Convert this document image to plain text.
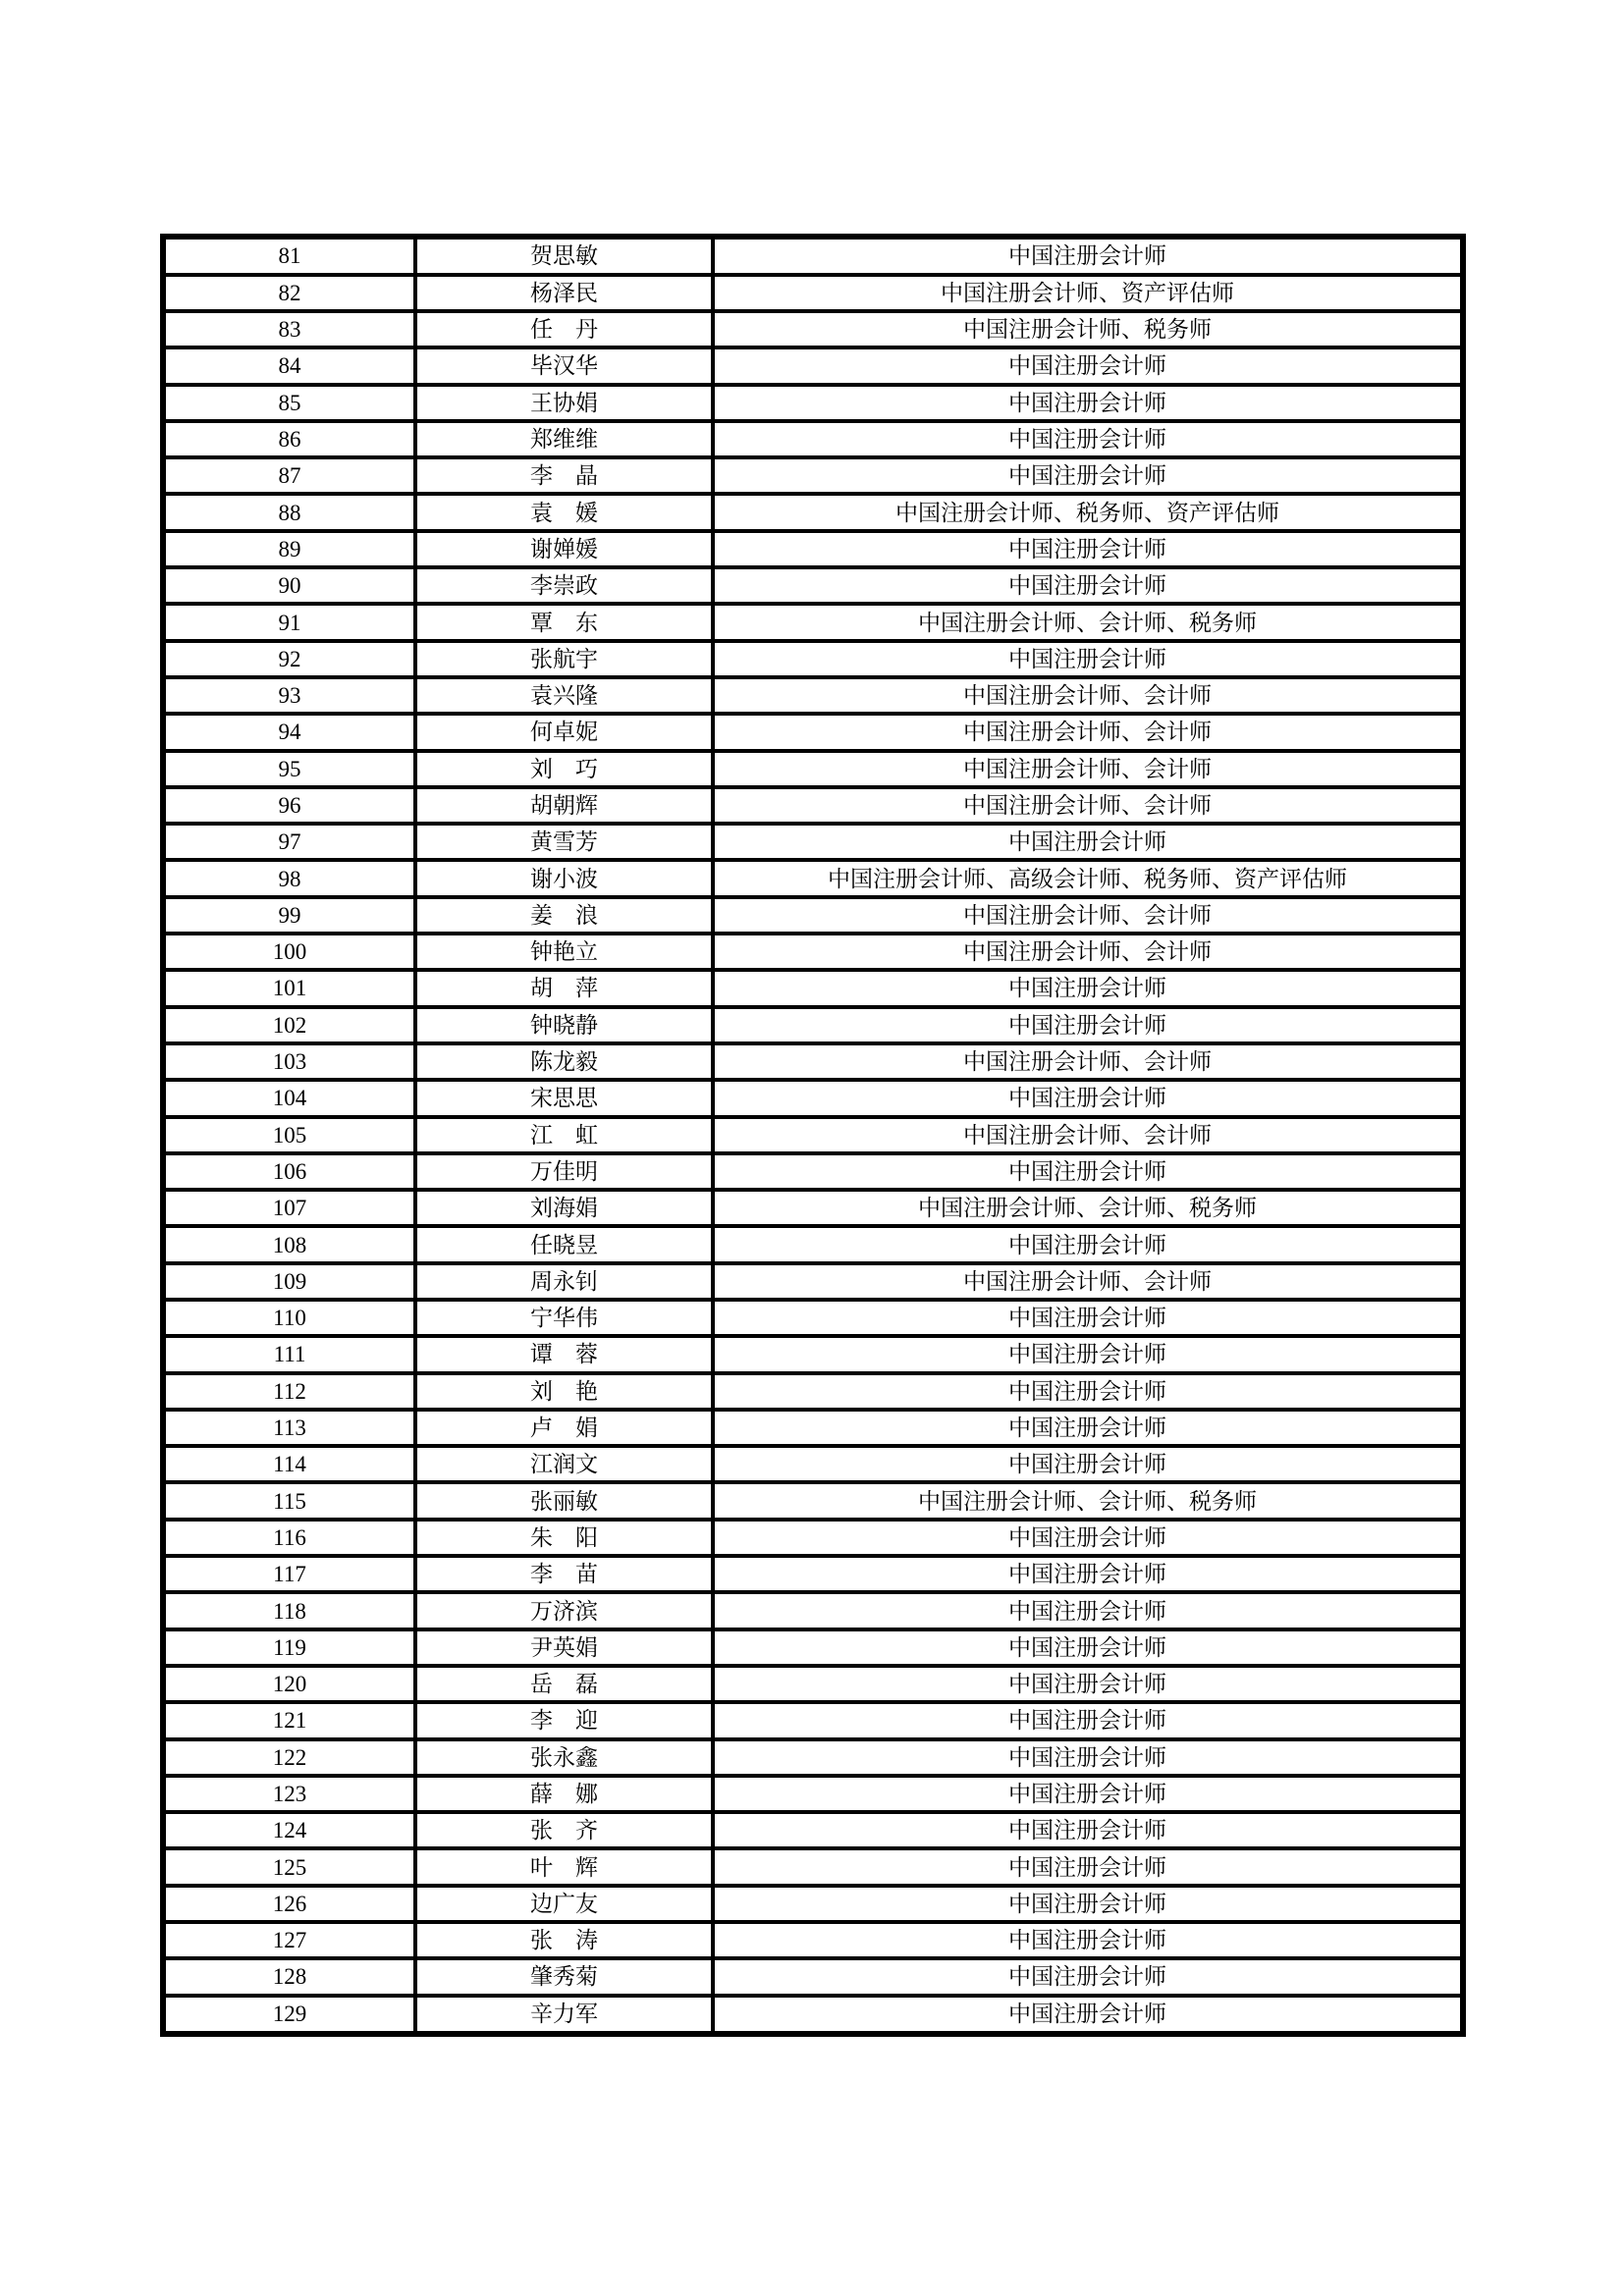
81	贺思敏	中国注册会计师
82	杨泽民	中国注册会计师、资产评估师
83	任　丹	中国注册会计师、税务师
84	毕汉华	中国注册会计师
85	王协娟	中国注册会计师
86	郑维维	中国注册会计师
87	李　晶	中国注册会计师
88	袁　媛	中国注册会计师、税务师、资产评估师
89	谢婵媛	中国注册会计师
90	李崇政	中国注册会计师
91	覃　东	中国注册会计师、会计师、税务师
92	张航宇	中国注册会计师
93	袁兴隆	中国注册会计师、会计师
94	何卓妮	中国注册会计师、会计师
95	刘　巧	中国注册会计师、会计师
96	胡朝辉	中国注册会计师、会计师
97	黄雪芳	中国注册会计师
98	谢小波	中国注册会计师、高级会计师、税务师、资产评估师
99	姜　浪	中国注册会计师、会计师
100	钟艳立	中国注册会计师、会计师
101	胡　萍	中国注册会计师
102	钟晓静	中国注册会计师
103	陈龙毅	中国注册会计师、会计师
104	宋思思	中国注册会计师
105	江　虹	中国注册会计师、会计师
106	万佳明	中国注册会计师
107	刘海娟	中国注册会计师、会计师、税务师
108	任晓昱	中国注册会计师
109	周永钊	中国注册会计师、会计师
110	宁华伟	中国注册会计师
111	谭　蓉	中国注册会计师
112	刘　艳	中国注册会计师
113	卢　娟	中国注册会计师
114	江润文	中国注册会计师
115	张丽敏	中国注册会计师、会计师、税务师
116	朱　阳	中国注册会计师
117	李　苗	中国注册会计师
118	万济滨	中国注册会计师
119	尹英娟	中国注册会计师
120	岳　磊	中国注册会计师
121	李　迎	中国注册会计师
122	张永鑫	中国注册会计师
123	薛　娜	中国注册会计师
124	张　齐	中国注册会计师
125	叶　辉	中国注册会计师
126	边广友	中国注册会计师
127	张　涛	中国注册会计师
128	肇秀菊	中国注册会计师
129	辛力军	中国注册会计师
